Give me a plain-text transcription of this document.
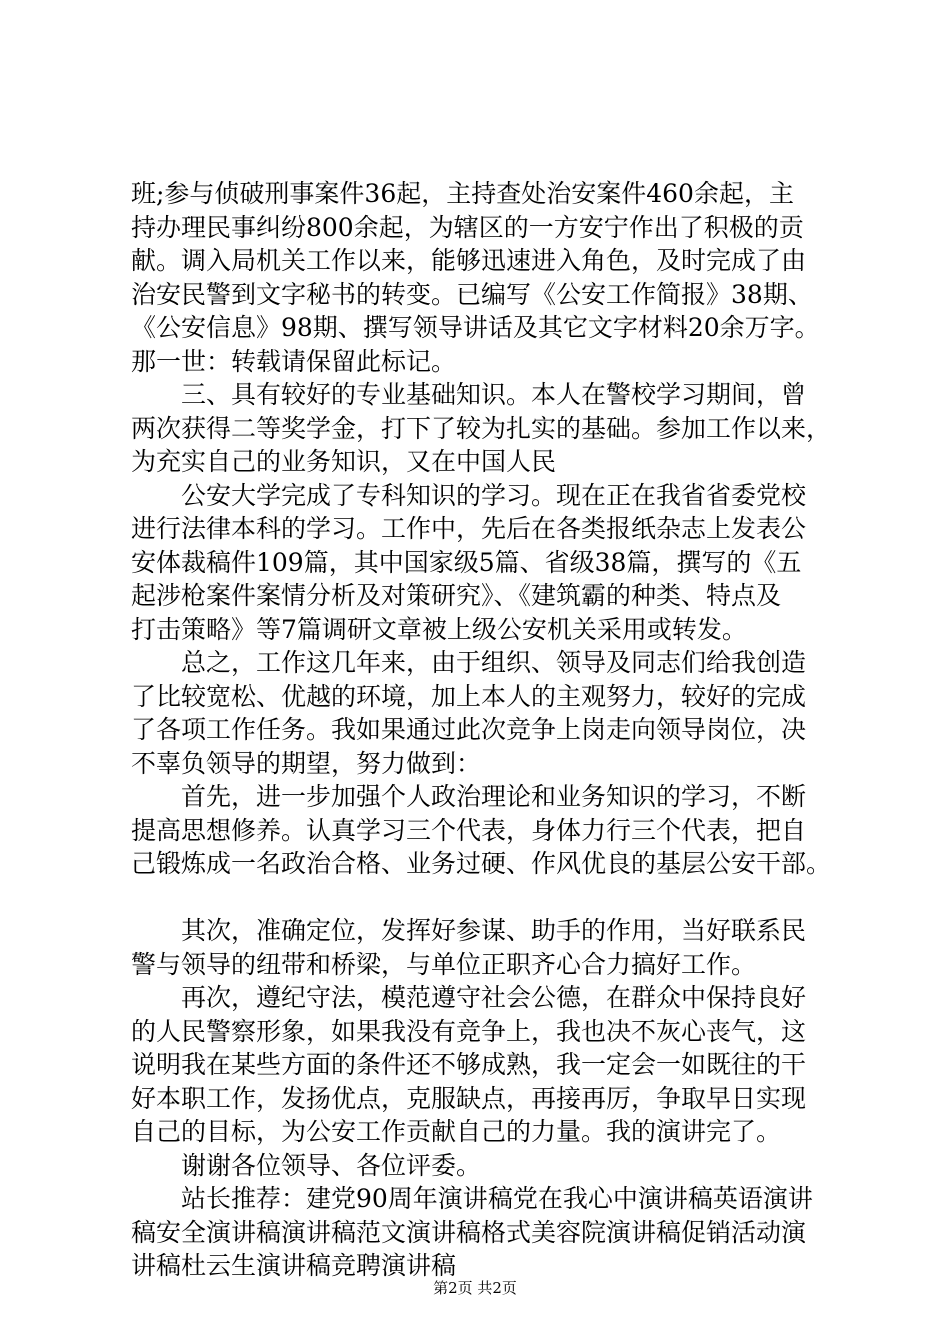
班;参与侦破刑事案件36起，主持查处治安案件460余起，主
持办理民事纠纷800余起，为辖区的一方安宁作出了积极的贡
献。调入局机关工作以来，能够迅速进入角色，及时完成了由
治安民警到文字秘书的转变。已编写《公安工作简报》38期、
《公安信息》98期、撰写领导讲话及其它文字材料20余万字。
那一世：转载请保留此标记。
三、具有较好的专业基础知识。本人在警校学习期间，曾
两次获得二等奖学金，打下了较为扎实的基础。参加工作以来，
为充实自己的业务知识，又在中国人民
公安大学完成了专科知识的学习。现在正在我省省委党校
进行法律本科的学习。工作中，先后在各类报纸杂志上发表公
安体裁稿件109篇，其中国家级5篇、省级38篇，撰写的《五
起涉枪案件案情分析及对策研究》、《建筑霸的种类、特点及
打击策略》等7篇调研文章被上级公安机关采用或转发。
总之，工作这几年来，由于组织、领导及同志们给我创造
了比较宽松、优越的环境，加上本人的主观努力，较好的完成
了各项工作任务。我如果通过此次竞争上岗走向领导岗位，决
不辜负领导的期望，努力做到：
首先，进一步加强个人政治理论和业务知识的学习，不断
提高思想修养。认真学习三个代表，身体力行三个代表，把自
己锻炼成一名政治合格、业务过硬、作风优良的基层公安干部。
其次，准确定位，发挥好参谋、助手的作用，当好联系民
警与领导的纽带和桥梁，与单位正职齐心合力搞好工作。
再次，遵纪守法，模范遵守社会公德，在群众中保持良好
的人民警察形象，如果我没有竞争上，我也决不灰心丧气，这
说明我在某些方面的条件还不够成熟，我一定会一如既往的干
好本职工作，发扬优点，克服缺点，再接再厉，争取早日实现
自己的目标，为公安工作贡献自己的力量。我的演讲完了。
谢谢各位领导、各位评委。
站长推荐：建党90周年演讲稿党在我心中演讲稿英语演讲
稿安全演讲稿演讲稿范文演讲稿格式美容院演讲稿促销活动演
讲稿杜云生演讲稿竞聘演讲稿
第2页 共2页
